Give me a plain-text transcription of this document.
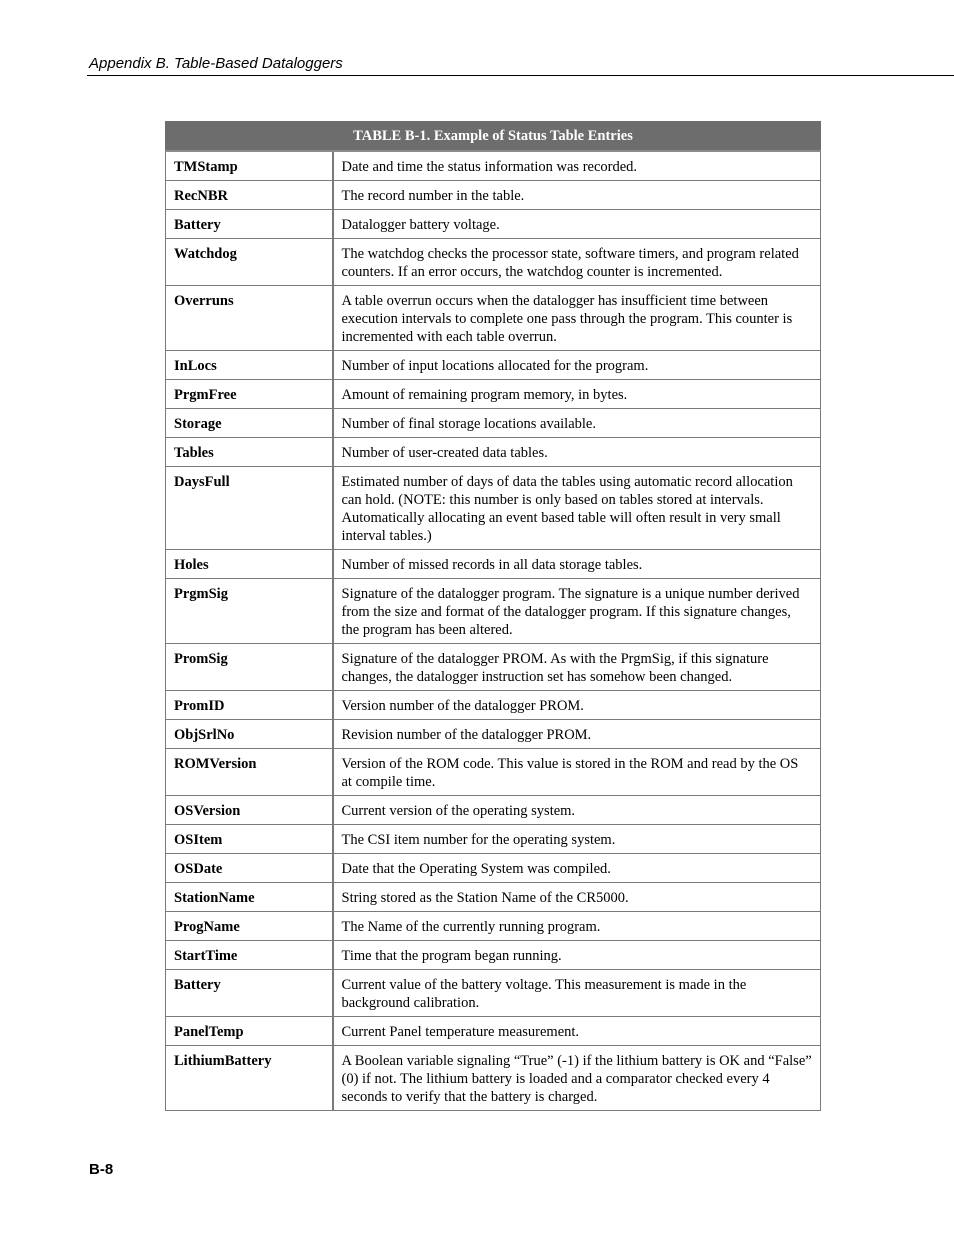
Appendix B. Table-Based Dataloggers
TABLE B-1. Example of Status Table Entries	
TMStamp	Date and time the status information was recorded.
RecNBR	The record number in the table.
Battery	Datalogger battery voltage.
Watchdog	The watchdog checks the processor state, software timers, and program related counters. If an error occurs, the watchdog counter is incremented.
Overruns	A table overrun occurs when the datalogger has insufficient time between execution intervals to complete one pass through the program. This counter is incremented with each table overrun.
InLocs	Number of input locations allocated for the program.
PrgmFree	Amount of remaining program memory, in bytes.
Storage	Number of final storage locations available.
Tables	Number of user-created data tables.
DaysFull	Estimated number of days of data the tables using automatic record allocation can hold. (NOTE: this number is only based on tables stored at intervals. Automatically allocating an event based table will often result in very small interval tables.)
Holes	Number of missed records in all data storage tables.
PrgmSig	Signature of the datalogger program. The signature is a unique number derived from the size and format of the datalogger program. If this signature changes, the program has been altered.
PromSig	Signature of the datalogger PROM. As with the PrgmSig, if this signature changes, the datalogger instruction set has somehow been changed.
PromID	Version number of the datalogger PROM.
ObjSrlNo	Revision number of the datalogger PROM.
ROMVersion	Version of the ROM code. This value is stored in the ROM and read by the OS at compile time.
OSVersion	Current version of the operating system.
OSItem	The CSI item number for the operating system.
OSDate	Date that the Operating System was compiled.
StationName	String stored as the Station Name of the CR5000.
ProgName	The Name of the currently running program.
StartTime	Time that the program began running.
Battery	Current value of the battery voltage. This measurement is made in the background calibration.
PanelTemp	Current Panel temperature measurement.
LithiumBattery	A Boolean variable signaling “True” (-1) if the lithium battery is OK and “False” (0) if not. The lithium battery is loaded and a comparator checked every 4 seconds to verify that the battery is charged.
B-8
